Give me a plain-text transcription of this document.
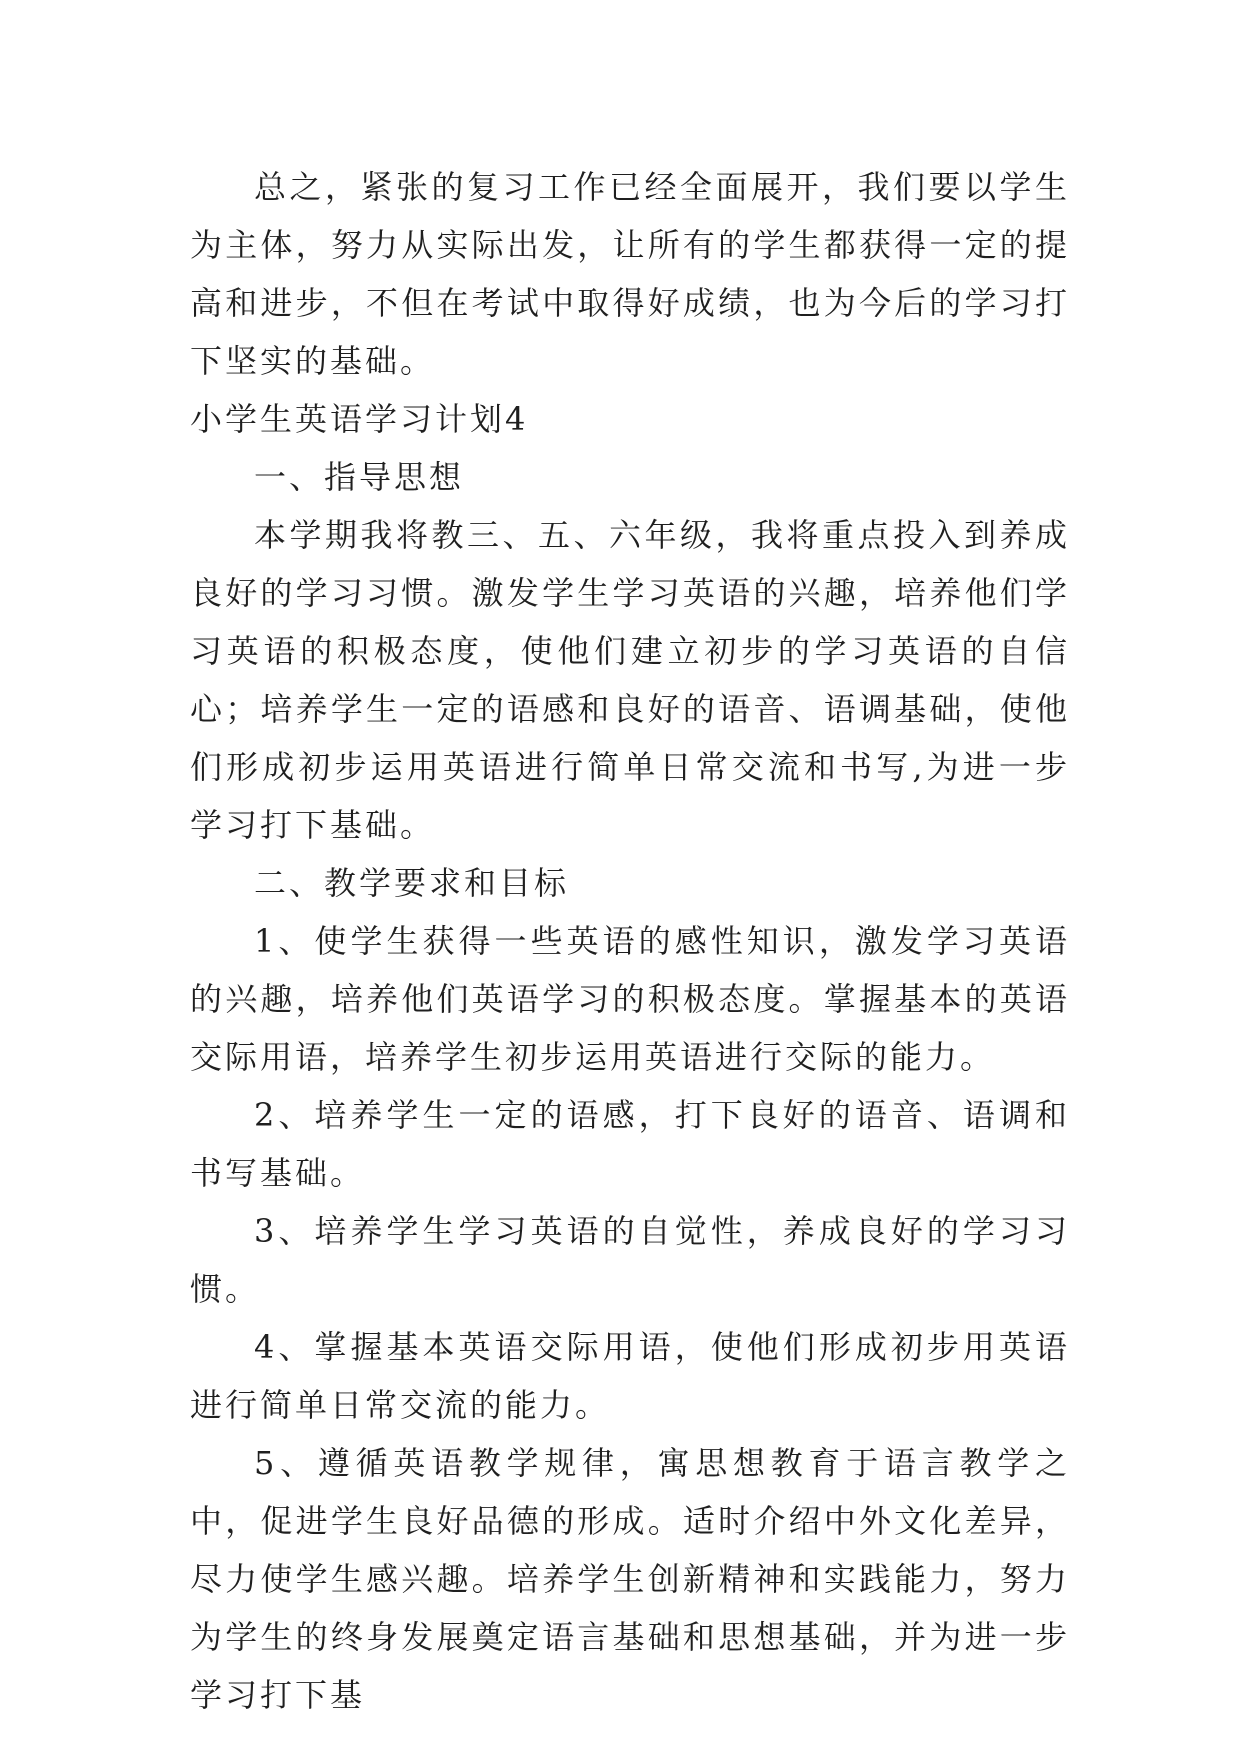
总之，紧张的复习工作已经全面展开，我们要以学生为主体，努力从实际出发，让所有的学生都获得一定的提高和进步，不但在考试中取得好成绩，也为今后的学习打下坚实的基础。

小学生英语学习计划4

一、指导思想

本学期我将教三、五、六年级，我将重点投入到养成良好的学习习惯。激发学生学习英语的兴趣，培养他们学习英语的积极态度，使他们建立初步的学习英语的自信心；培养学生一定的语感和良好的语音、语调基础，使他们形成初步运用英语进行简单日常交流和书写,为进一步学习打下基础。

二、教学要求和目标

1、使学生获得一些英语的感性知识，激发学习英语的兴趣，培养他们英语学习的积极态度。掌握基本的英语交际用语，培养学生初步运用英语进行交际的能力。

2、培养学生一定的语感，打下良好的语音、语调和书写基础。

3、培养学生学习英语的自觉性，养成良好的学习习惯。

4、掌握基本英语交际用语，使他们形成初步用英语进行简单日常交流的能力。

5、遵循英语教学规律，寓思想教育于语言教学之中，促进学生良好品德的形成。适时介绍中外文化差异，尽力使学生感兴趣。培养学生创新精神和实践能力，努力为学生的终身发展奠定语言基础和思想基础，并为进一步学习打下基
